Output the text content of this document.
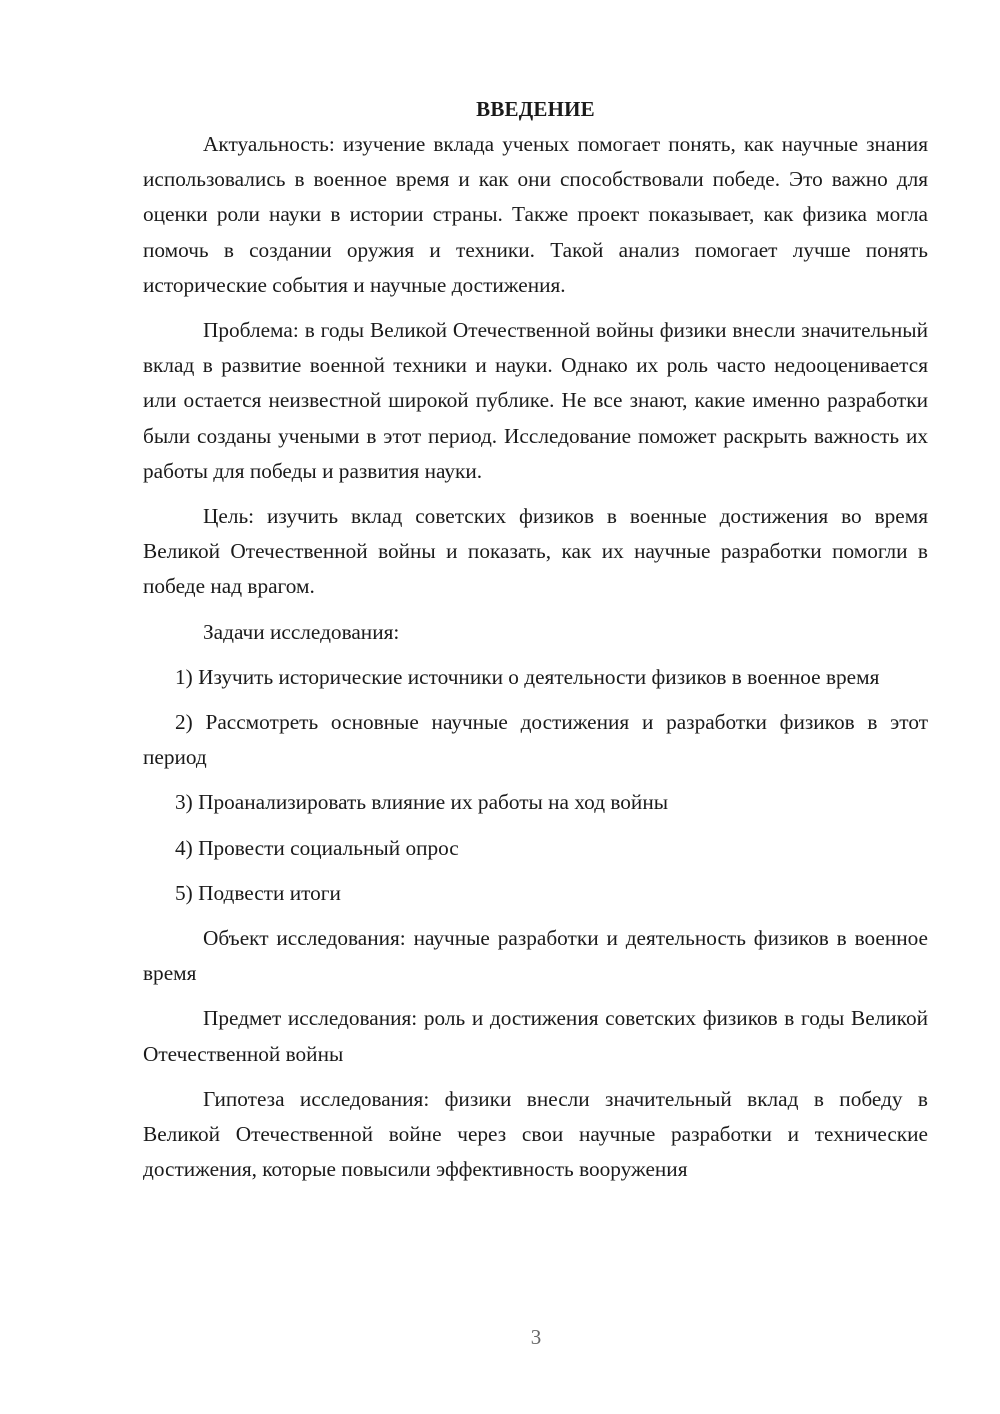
ВВЕДЕНИЕ

Актуальность: изучение вклада ученых помогает понять, как научные знания использовались в военное время и как они способствовали победе. Это важно для оценки роли науки в истории страны. Также проект показывает, как физика могла помочь в создании оружия и техники. Такой анализ помогает лучше понять исторические события и научные достижения.

Проблема: в годы Великой Отечественной войны физики внесли значительный вклад в развитие военной техники и науки. Однако их роль часто недооценивается или остается неизвестной широкой публике. Не все знают, какие именно разработки были созданы учеными в этот период. Исследование поможет раскрыть важность их работы для победы и развития науки.

Цель: изучить вклад советских физиков в военные достижения во время Великой Отечественной войны и показать, как их научные разработки помогли в победе над врагом.

Задачи исследования:

1) Изучить исторические источники о деятельности физиков в военное время

2) Рассмотреть основные научные достижения и разработки физиков в этот период

3) Проанализировать влияние их работы на ход войны

4) Провести социальный опрос

5) Подвести итоги

Объект исследования: научные разработки и деятельность физиков в военное время

Предмет исследования: роль и достижения советских физиков в годы Великой Отечественной войны

Гипотеза исследования: физики внесли значительный вклад в победу в Великой Отечественной войне через свои научные разработки и технические достижения, которые повысили эффективность вооружения

3
